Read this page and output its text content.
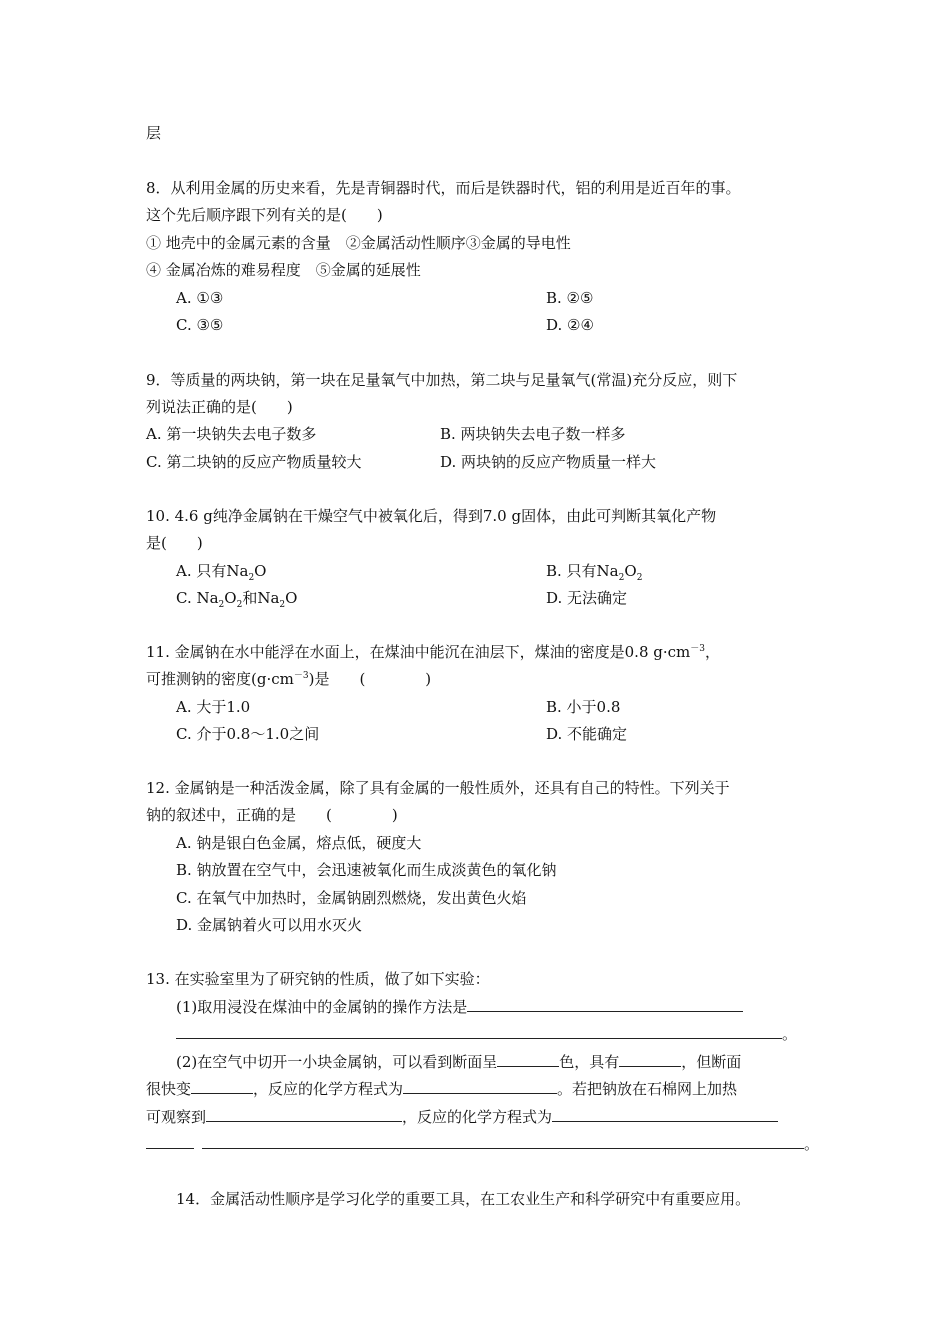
层
8．从利用金属的历史来看，先是青铜器时代，而后是铁器时代，铝的利用是近百年的事。
这个先后顺序跟下列有关的是(　　)
① 地壳中的金属元素的含量　②金属活动性顺序③金属的导电性
④ 金属冶炼的难易程度　⑤金属的延展性
A. ①③	B. ②⑤
C. ③⑤	D. ②④
9．等质量的两块钠，第一块在足量氧气中加热，第二块与足量氧气(常温)充分反应，则下
列说法正确的是(　　)
A. 第一块钠失去电子数多	B. 两块钠失去电子数一样多
C. 第二块钠的反应产物质量较大	D. 两块钠的反应产物质量一样大
10. 4.6 g纯净金属钠在干燥空气中被氧化后，得到7.0 g固体，由此可判断其氧化产物
是(　　)
A. 只有$Na_2O$	B. 只有$Na_2O_2$
C. $Na_2O_2$和$Na_2O$	D. 无法确定
11. 金属钠在水中能浮在水面上，在煤油中能沉在油层下，煤油的密度是0.8 $g\cdot cm^{-3}$，
可推测钠的密度$(g\cdot cm^{-3})$是　　(　　　　)
A. 大于1.0	B. 小于0.8
C. 介于0.8～1.0之间	D. 不能确定
12. 金属钠是一种活泼金属，除了具有金属的一般性质外，还具有自己的特性。下列关于
钠的叙述中，正确的是　　(　　　　)
A. 钠是银白色金属，熔点低，硬度大
B. 钠放置在空气中，会迅速被氧化而生成淡黄色的氧化钠
C. 在氧气中加热时，金属钠剧烈燃烧，发出黄色火焰
D. 金属钠着火可以用水灭火
13. 在实验室里为了研究钠的性质，做了如下实验：
(1)取用浸没在煤油中的金属钠的操作方法是
。
(2)在空气中切开一小块金属钠，可以看到断面呈	色，具有	，但断面
很快变	，反应的化学方程式为	。若把钠放在石棉网上加热
可观察到	，反应的化学方程式为
。
14．金属活动性顺序是学习化学的重要工具，在工农业生产和科学研究中有重要应用。
